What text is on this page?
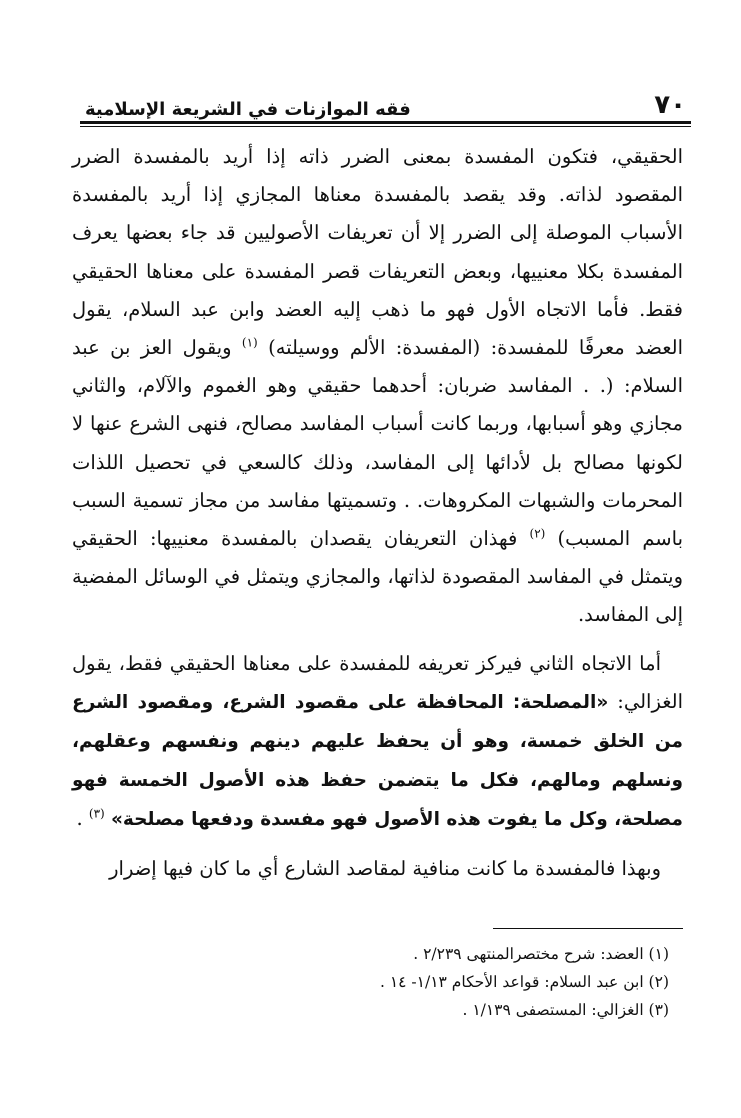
فقه الموازنات في الشريعة الإسلامية	٧٠

الحقيقي، فتكون المفسدة بمعنى الضرر ذاته إذا أريد بالمفسدة الضرر المقصود لذاته. وقد يقصد بالمفسدة معناها المجازي إذا أريد بالمفسدة الأسباب الموصلة إلى الضرر إلا أن تعريفات الأصوليين قد جاء بعضها يعرف المفسدة بكلا معنييها، وبعض التعريفات قصر المفسدة على معناها الحقيقي فقط. فأما الاتجاه الأول فهو ما ذهب إليه العضد وابن عبد السلام، يقول العضد معرفًا للمفسدة: (المفسدة: الألم ووسيلته) $^{(١)}$ ويقول العز بن عبد السلام: (. . المفاسد ضربان: أحدهما حقيقي وهو الغموم والآلام، والثاني مجازي وهو أسبابها، وربما كانت أسباب المفاسد مصالح، فنهى الشرع عنها لا لكونها مصالح بل لأدائها إلى المفاسد، وذلك كالسعي في تحصيل اللذات المحرمات والشبهات المكروهات. . وتسميتها مفاسد من مجاز تسمية السبب باسم المسبب) $^{(٢)}$ فهذان التعريفان يقصدان بالمفسدة معنييها: الحقيقي ويتمثل في المفاسد المقصودة لذاتها، والمجازي ويتمثل في الوسائل المفضية إلى المفاسد.

أما الاتجاه الثاني فيركز تعريفه للمفسدة على معناها الحقيقي فقط، يقول الغزالي: «المصلحة: المحافظة على مقصود الشرع، ومقصود الشرع من الخلق خمسة، وهو أن يحفظ عليهم دينهم ونفسهم وعقلهم، ونسلهم ومالهم، فكل ما يتضمن حفظ هذه الأصول الخمسة فهو مصلحة، وكل ما يفوت هذه الأصول فهو مفسدة ودفعها مصلحة» $^{(٣)}$ .

وبهذا فالمفسدة ما كانت منافية لمقاصد الشارع أي ما كان فيها إضرار

(١) العضد: شرح مختصرالمنتهى ٢/٢٣٩ .

(٢) ابن عبد السلام: قواعد الأحكام ١/١٣- ١٤ .

(٣) الغزالي: المستصفى ١/١٣٩ .
